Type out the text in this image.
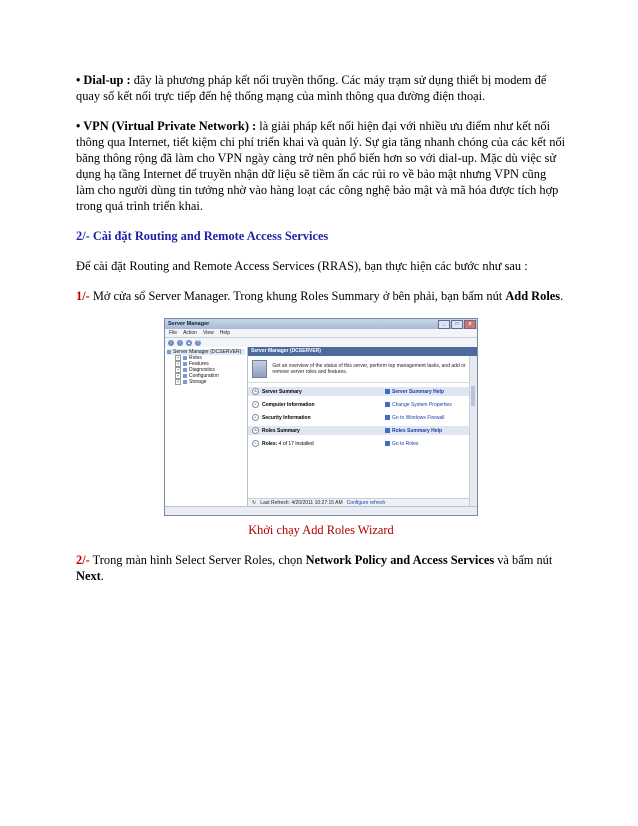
• Dial-up : đây là phương pháp kết nối truyền thống. Các máy trạm sử dụng thiết bị modem để quay số kết nối trực tiếp đến hệ thống mạng của mình thông qua đường điện thoại.

• VPN (Virtual Private Network) : là giải pháp kết nối hiện đại với nhiều ưu điểm như kết nối thông qua Internet, tiết kiệm chi phí triển khai và quản lý. Sự gia tăng nhanh chóng của các kết nối băng thông rộng đã làm cho VPN ngày càng trở nên phổ biến hơn so với dial-up. Mặc dù việc sử dụng hạ tầng Internet để truyền nhận dữ liệu sẽ tiềm ẩn các rủi ro về bảo mật nhưng VPN cũng làm cho người dùng tin tưởng nhờ vào hàng loạt các công nghệ bảo mật và mã hóa được tích hợp trong quá trình triển khai.

2/- Cài đặt Routing and Remote Access Services

Để cài đặt Routing and Remote Access Services (RRAS), bạn thực hiện các bước như sau :

1/- Mở cửa sổ Server Manager. Trong khung Roles Summary ở bên phải, bạn bấm nút Add Roles.

Server Manager	_	□	x
File Action View Help
‹	›	▴	?
Server Manager (DCSERVER)
+ Roles
+ Features
+ Diagnostics
+ Configuration
+ Storage
Server Manager (DCSERVER)
Get an overview of the status of this server, perform top management tasks, and add or remove server roles and features.
^	Server Summary	Server Summary Help
^	Computer Information	Change System Properties
^	Security Information	Go to Windows Firewall
^	Roles Summary	Roles Summary Help
^	Roles: 4 of 17 installed	Go to Roles
↻ Last Refresh: 4/20/2011 10:27:15 AM Configure refresh

Khởi chạy Add Roles Wizard

2/- Trong màn hình Select Server Roles, chọn Network Policy and Access Services và bấm nút Next.
